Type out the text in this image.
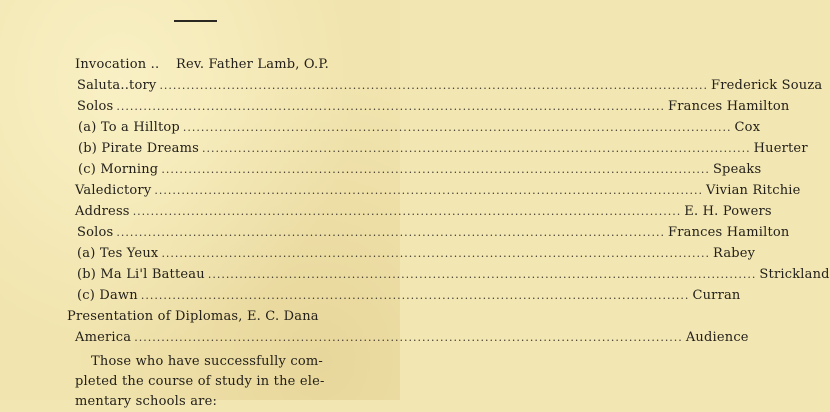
Invocation .. Rev. Father Lamb, O.P.
Saluta..tory .....	Frederick Souza
Solos .....	Frances Hamilton
(a) To a Hilltop .....	Cox
(b) Pirate Dreams .....	Huerter
(c) Morning .....	Speaks
Valedictory .....	Vivian Ritchie
Address .....	E. H. Powers
Solos .....	Frances Hamilton
(a) Tes Yeux .....	Rabey
(b) Ma Li'l Batteau .....	Strickland
(c) Dawn .....	Curran
Presentation of Diplomas, E. C. Dana
America .....	Audience

Those who have successfully com-
pleted the course of study in the ele-
mentary schools are:
